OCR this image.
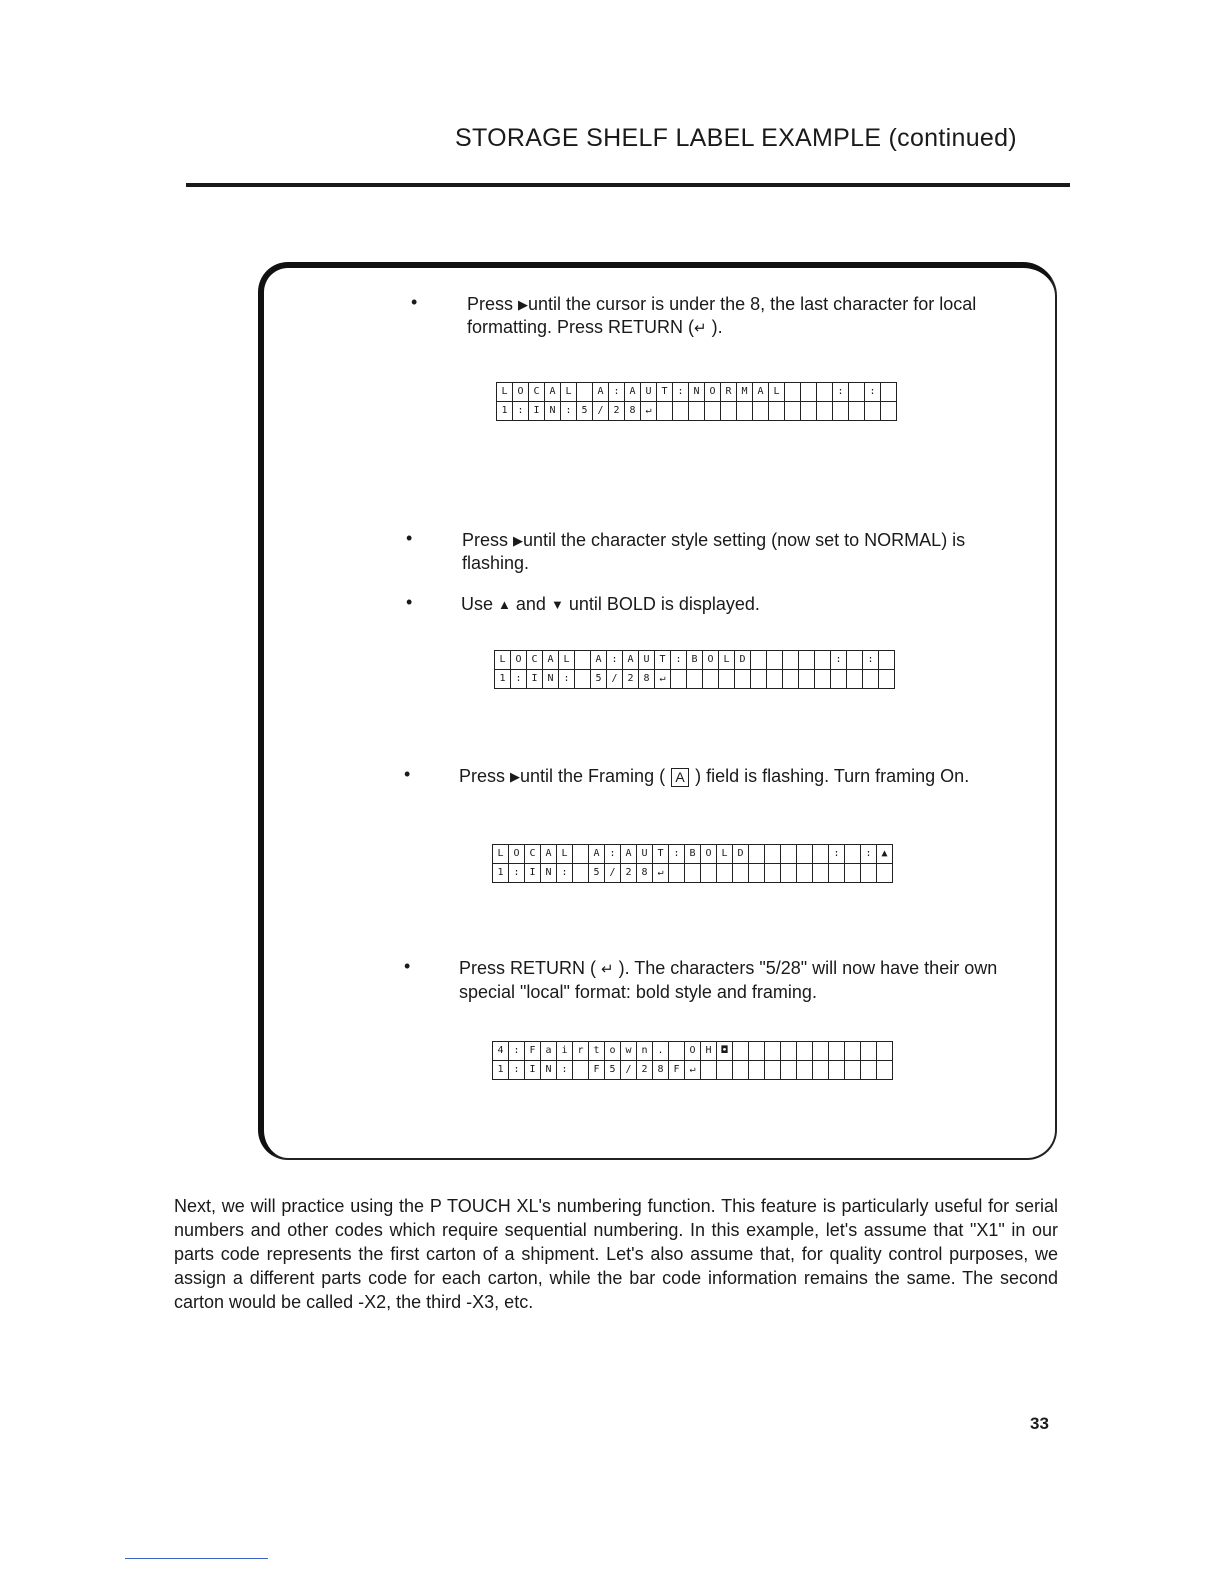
STORAGE SHELF LABEL EXAMPLE (continued)
•	Press ▶until the cursor is under the 8, the last character for local formatting. Press RETURN (↵ ).
L	O	C	A	L		A	:	A	U	T	:	N	O	R	M	A	L				:		:	
1	:	I	N	:	5	/	2	8	↵															
•	Press ▶until the character style setting (now set to NORMAL) is flashing.
•	Use ▲ and ▼ until BOLD is displayed.
L	O	C	A	L		A	:	A	U	T	:	B	O	L	D						:		:	
1	:	I	N	:		5	/	2	8	↵														
•	Press ▶until the Framing ( A ) field is flashing. Turn framing On.
L	O	C	A	L		A	:	A	U	T	:	B	O	L	D						:		:	▲
1	:	I	N	:		5	/	2	8	↵														
•	Press RETURN ( ↵ ). The characters "5/28" will now have their own special "local" format: bold style and framing.
4	:	F	a	i	r	t	o	w	n	.		O	H	◘										
1	:	I	N	:		F	5	/	2	8	F	↵												
Next, we will practice using the P TOUCH XL's numbering function. This feature is particularly useful for serial numbers and other codes which require sequential numbering. In this example, let's assume that "X1" in our parts code represents the first carton of a shipment. Let's also assume that, for quality control purposes, we assign a different parts code for each carton, while the bar code information remains the same. The second carton would be called -X2, the third -X3, etc.
33
